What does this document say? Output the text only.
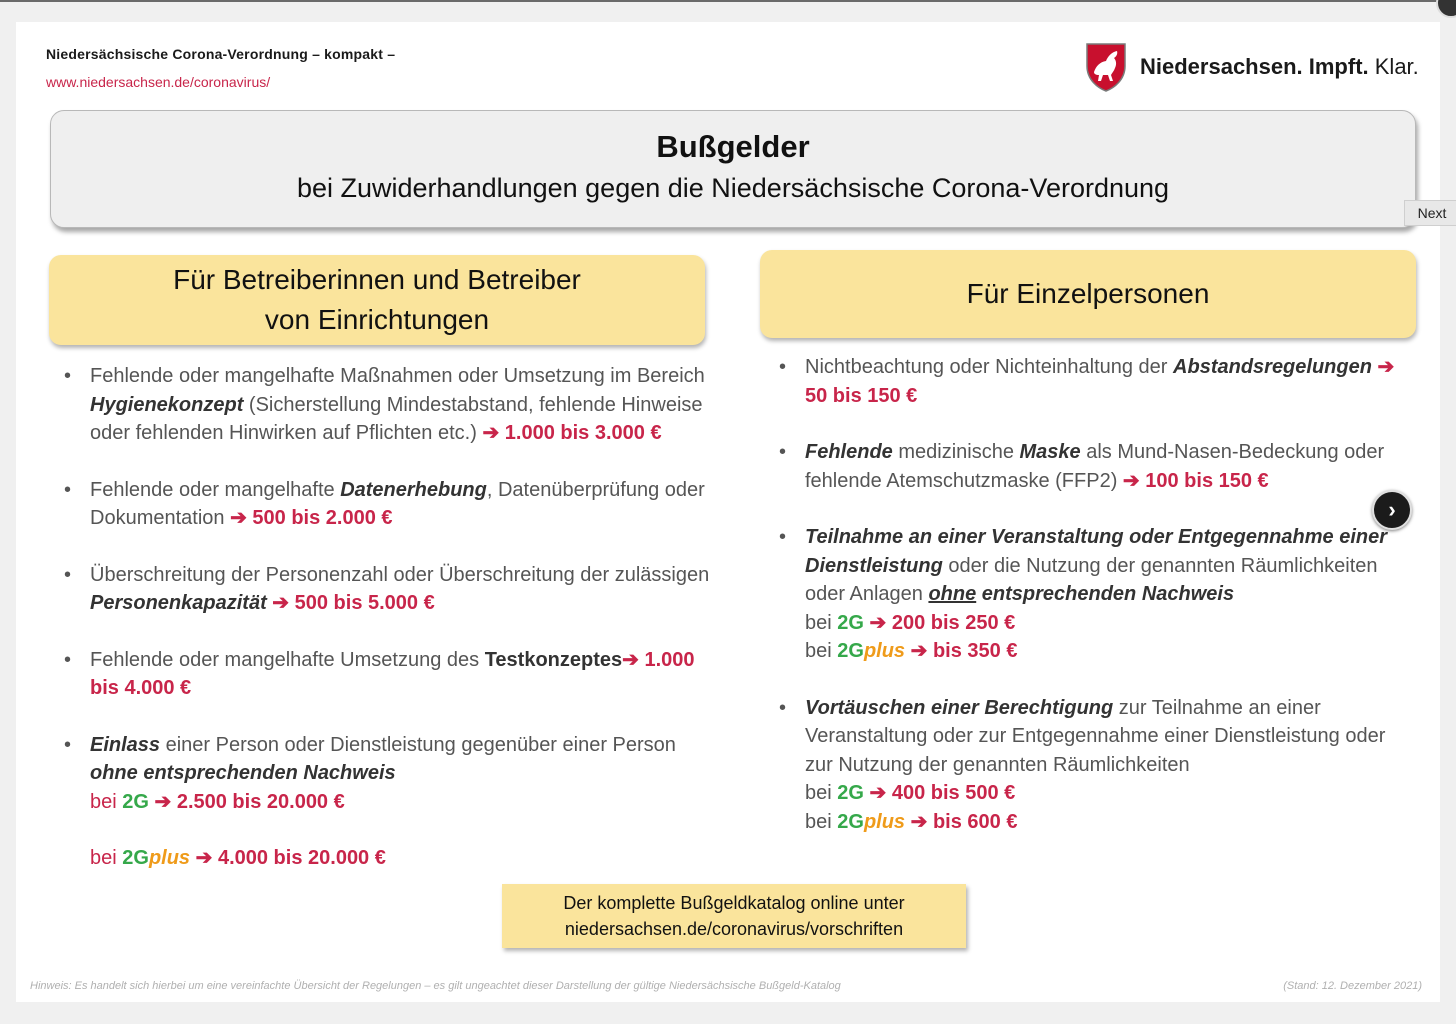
Niedersächsische Corona-Verordnung – kompakt –
www.niedersachsen.de/coronavirus/
Niedersachsen. Impft. Klar.
Bußgelder
bei Zuwiderhandlungen gegen die Niedersächsische Corona-Verordnung
Für Betreiberinnen und Betreiber
von Einrichtungen
Für Einzelpersonen
• Fehlende oder mangelhafte Maßnahmen oder Umsetzung im Bereich Hygienekonzept (Sicherstellung Mindestabstand, fehlende Hinweise oder fehlenden Hinwirken auf Pflichten etc.) ➔ 1.000 bis 3.000 €
• Fehlende oder mangelhafte Datenerhebung, Datenüberprüfung oder Dokumentation ➔ 500 bis 2.000 €
• Überschreitung der Personenzahl oder Überschreitung der zulässigen Personenkapazität ➔ 500 bis 5.000 €
• Fehlende oder mangelhafte Umsetzung des Testkonzeptes➔ 1.000 bis 4.000 €
• Einlass einer Person oder Dienstleistung gegenüber einer Person ohne entsprechenden Nachweis
bei 2G ➔ 2.500 bis 20.000 €
bei 2Gplus ➔ 4.000 bis 20.000 €
• Nichtbeachtung oder Nichteinhaltung der Abstandsregelungen ➔ 50 bis 150 €
• Fehlende medizinische Maske als Mund-Nasen-Bedeckung oder fehlende Atemschutzmaske (FFP2) ➔ 100 bis 150 €
• Teilnahme an einer Veranstaltung oder Entgegennahme einer Dienstleistung oder die Nutzung der genannten Räumlichkeiten oder Anlagen ohne entsprechenden Nachweis
bei 2G ➔ 200 bis 250 €
bei 2Gplus ➔ bis 350 €
• Vortäuschen einer Berechtigung zur Teilnahme an einer Veranstaltung oder zur Entgegennahme einer Dienstleistung oder zur Nutzung der genannten Räumlichkeiten
bei 2G ➔ 400 bis 500 €
bei 2Gplus ➔ bis 600 €
Der komplette Bußgeldkatalog online unter
niedersachsen.de/coronavirus/vorschriften
Hinweis: Es handelt sich hierbei um eine vereinfachte Übersicht der Regelungen – es gilt ungeachtet dieser Darstellung der gültige Niedersächsische Bußgeld-Katalog	(Stand: 12. Dezember 2021)
Next
›
